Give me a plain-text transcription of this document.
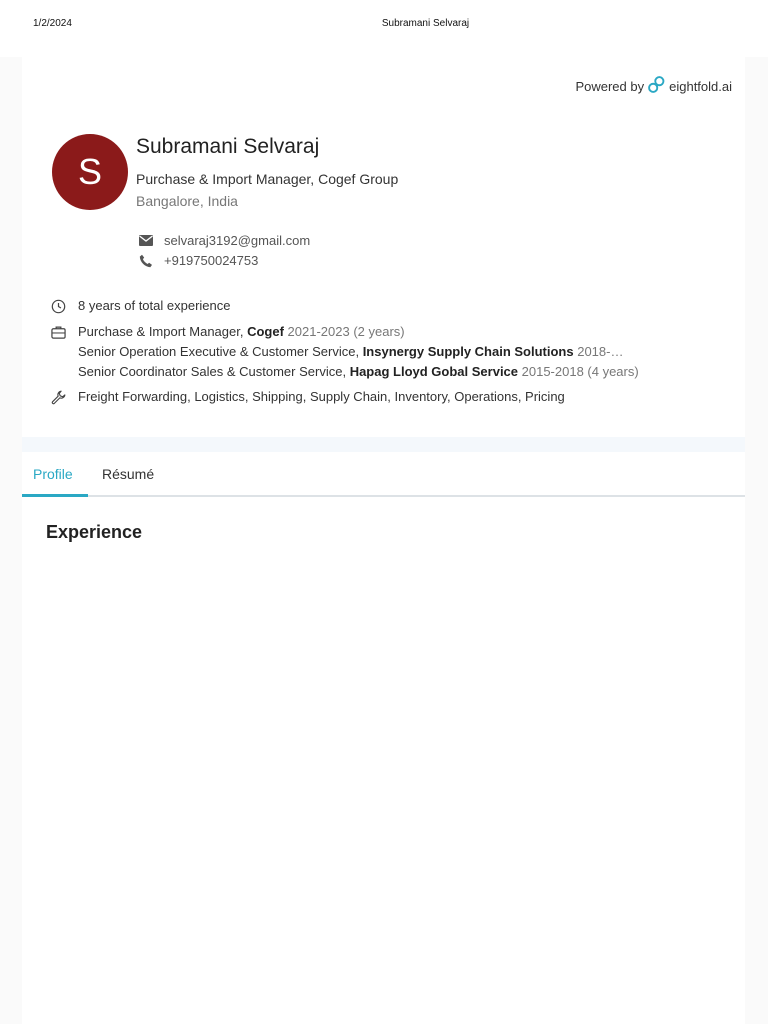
1/2/2024	Subramani Selvaraj
Powered by eightfold.ai
S
Subramani Selvaraj
Purchase & Import Manager, Cogef Group
Bangalore, India
selvaraj3192@gmail.com
+919750024753
8 years of total experience
Purchase & Import Manager, Cogef 2021-2023 (2 years)
Senior Operation Executive & Customer Service, Insynergy Supply Chain Solutions 2018-…
Senior Coordinator Sales & Customer Service, Hapag Lloyd Gobal Service 2015-2018 (4 years)
Freight Forwarding, Logistics, Shipping, Supply Chain, Inventory, Operations, Pricing
Profile Résumé
Experience
